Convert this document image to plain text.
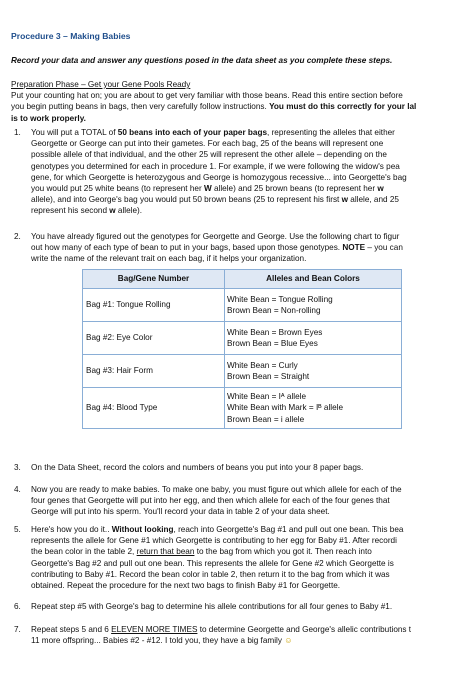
Procedure 3 – Making Babies
Record your data and answer any questions posed in the data sheet as you complete these steps.
Preparation Phase – Get your Gene Pools Ready
Put your counting hat on; you are about to get very familiar with those beans. Read this entire section before
you begin putting beans in bags, then very carefully follow instructions. You must do this correctly for your lal
is to work properly.
1. You will put a TOTAL of 50 beans into each of your paper bags, representing the alleles that either
Georgette or George can put into their gametes. For each bag, 25 of the beans will represent one
possible allele of that individual, and the other 25 will represent the other allele – depending on the
genotypes you determined for each in procedure 1. For example, if we were following the widow's pea
gene, for which Georgette is heterozygous and George is homozygous recessive... into Georgette's bag
you would put 25 white beans (to represent her W allele) and 25 brown beans (to represent her w
allele), and into George's bag you would put 50 brown beans (25 to represent his first w allele, and 25
represent his second w allele).
2. You have already figured out the genotypes for Georgette and George. Use the following chart to figur
out how many of each type of bean to put in your bags, based upon those genotypes. NOTE – you can
write the name of the relevant trait on each bag, if it helps your organization.
Bag/Gene Number	Alleles and Bean Colors
Bag #1: Tongue Rolling	White Bean = Tongue Rolling
Brown Bean = Non-rolling

Bag #2: Eye Color	White Bean = Brown Eyes
Brown Bean = Blue Eyes

Bag #3: Hair Form	White Bean = Curly
Brown Bean = Straight

Bag #4: Blood Type	White Bean = Iᴬ allele
White Bean with Mark = Iᴮ allele
Brown Bean = i allele
3. On the Data Sheet, record the colors and numbers of beans you put into your 8 paper bags.
4. Now you are ready to make babies. To make one baby, you must figure out which allele for each of the
four genes that Georgette will put into her egg, and then which allele for each of the four genes that
George will put into his sperm. You'll record your data in table 2 of your data sheet.
5. Here's how you do it.. Without looking, reach into Georgette's Bag #1 and pull out one bean. This bea
represents the allele for Gene #1 which Georgette is contributing to her egg for Baby #1. After recordi
the bean color in the table 2, return that bean to the bag from which you got it. Then reach into
Georgette's Bag #2 and pull out one bean. This represents the allele for Gene #2 which Georgette is
contributing to Baby #1. Record the bean color in table 2, then return it to the bag from which it was
obtained. Repeat the procedure for the next two bags to finish Baby #1 for Georgette.
6. Repeat step #5 with George's bag to determine his allele contributions for all four genes to Baby #1.
7. Repeat steps 5 and 6 ELEVEN MORE TIMES to determine Georgette and George's allelic contributions t
11 more offspring... Babies #2 - #12. I told you, they have a big family ☺
